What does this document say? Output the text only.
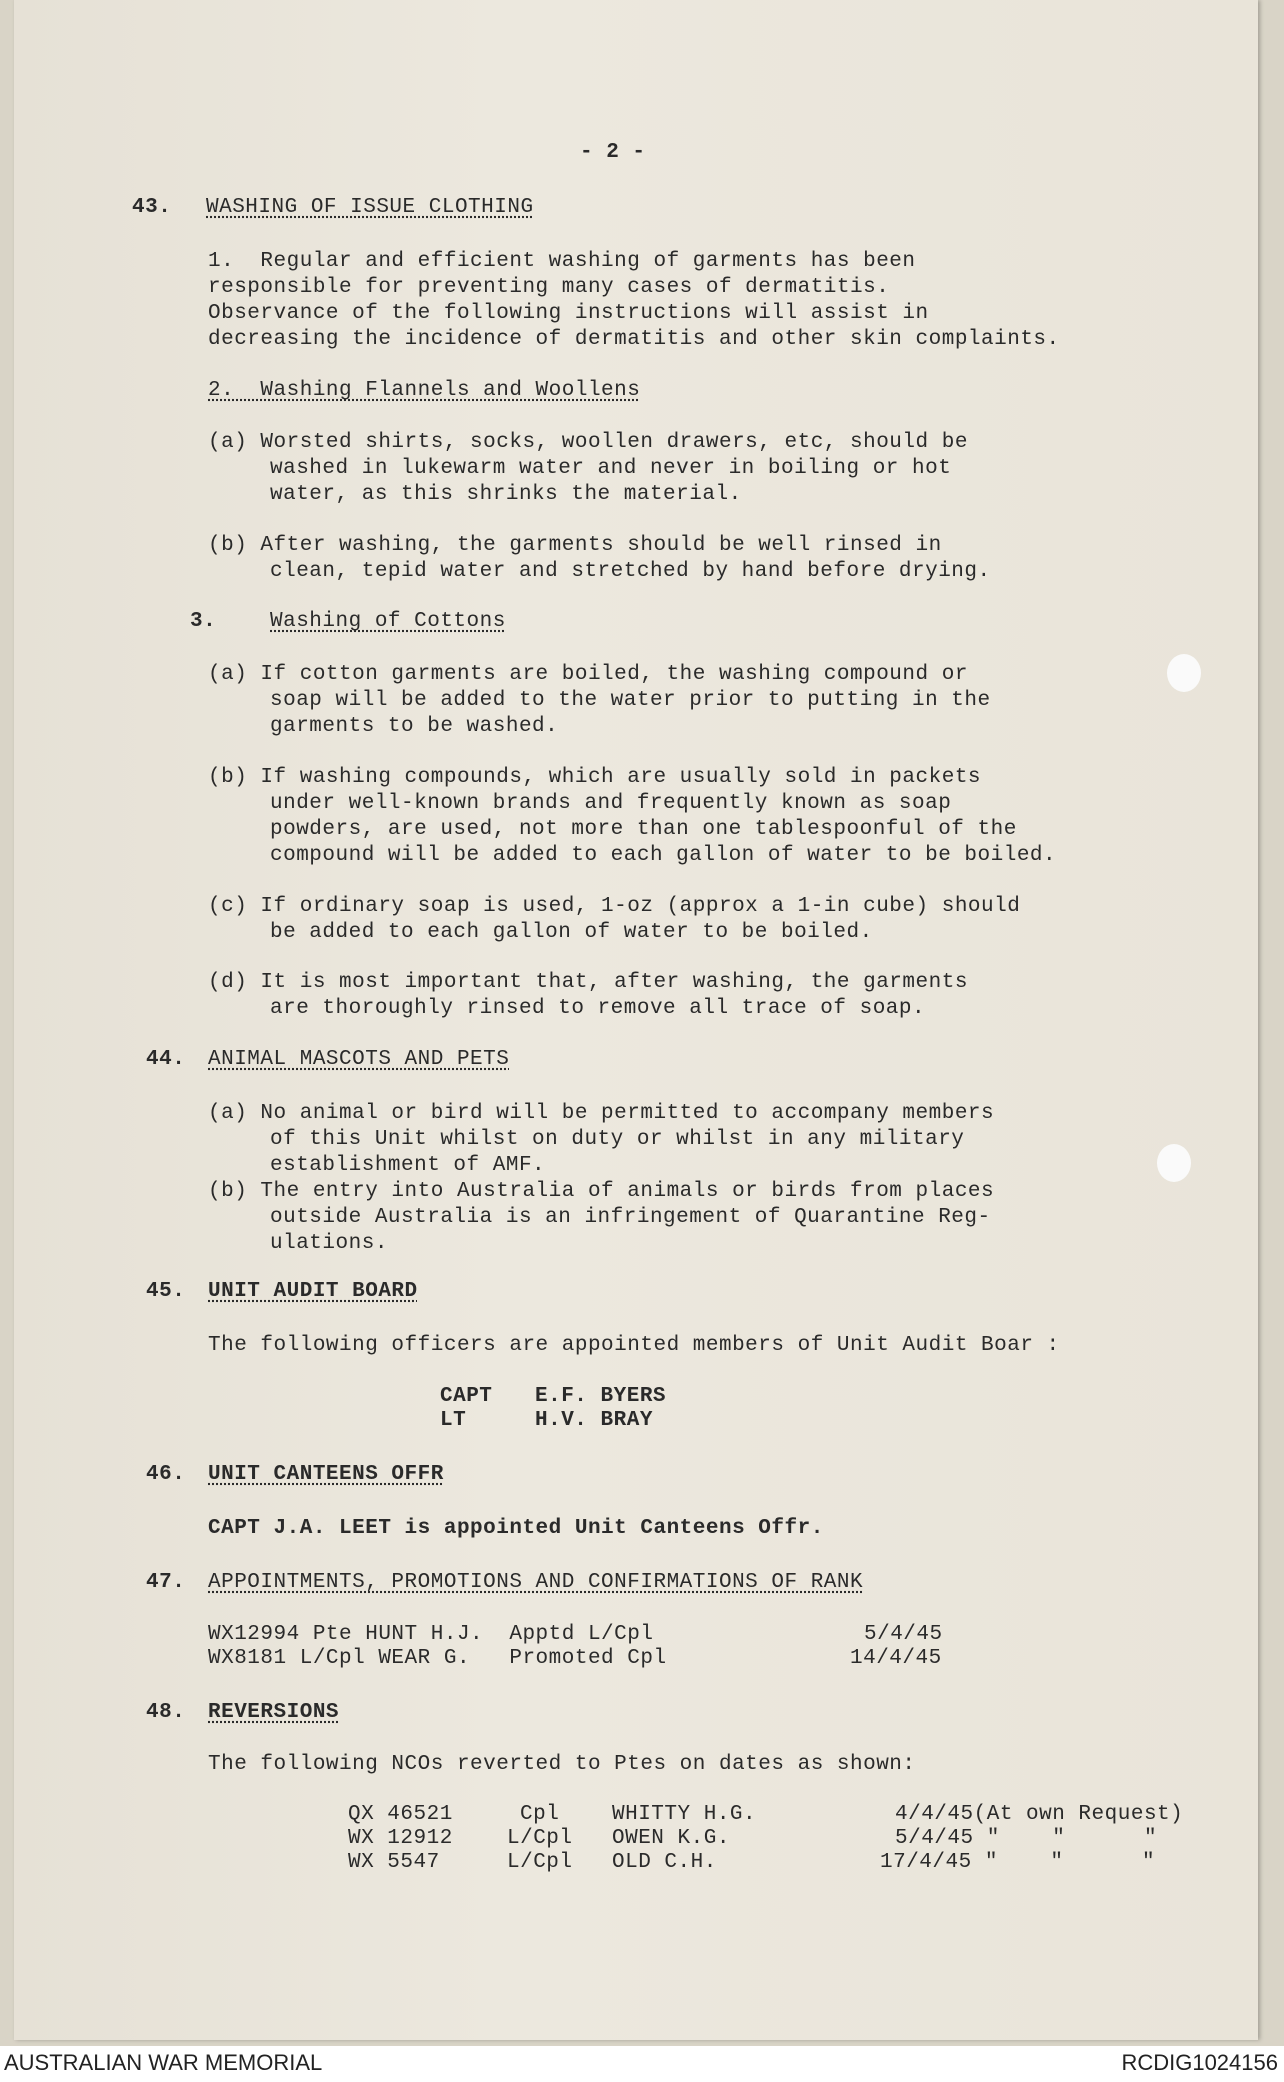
- 2 -
43. WASHING OF ISSUE CLOTHING
1.  Regular and efficient washing of garments has been
responsible for preventing many cases of dermatitis.
Observance of the following instructions will assist in
decreasing the incidence of dermatitis and other skin complaints.
2.  Washing Flannels and Woollens
(a) Worsted shirts, socks, woollen drawers, etc, should be
washed in lukewarm water and never in boiling or hot
water, as this shrinks the material.
(b) After washing, the garments should be well rinsed in
clean, tepid water and stretched by hand before drying.
3.	Washing of Cottons
(a) If cotton garments are boiled, the washing compound or
soap will be added to the water prior to putting in the
garments to be washed.
(b) If washing compounds, which are usually sold in packets
under well-known brands and frequently known as soap
powders, are used, not more than one tablespoonful of the
compound will be added to each gallon of water to be boiled.
(c) If ordinary soap is used, 1-oz (approx a 1-in cube) should
be added to each gallon of water to be boiled.
(d) It is most important that, after washing, the garments
are thoroughly rinsed to remove all trace of soap.
44. ANIMAL MASCOTS AND PETS
(a) No animal or bird will be permitted to accompany members
of this Unit whilst on duty or whilst in any military
establishment of AMF.
(b) The entry into Australia of animals or birds from places
outside Australia is an infringement of Quarantine Reg-
ulations.
45. UNIT AUDIT BOARD
The following officers are appointed members of Unit Audit Boar :
CAPT E.F. BYERS
LT	H.V. BRAY
46. UNIT CANTEENS OFFR
CAPT J.A. LEET is appointed Unit Canteens Offr.
47. APPOINTMENTS, PROMOTIONS AND CONFIRMATIONS OF RANK
WX12994 Pte HUNT H.J.  Apptd L/Cpl	5/4/45
WX8181 L/Cpl WEAR G.   Promoted Cpl	14/4/45
48. REVERSIONS
The following NCOs reverted to Ptes on dates as shown:
QX 46521	Cpl	WHITTY H.G.	4/4/45(At own Request)
WX 12912	L/Cpl OWEN K.G.	5/4/45 "    "      "
WX 5547	L/Cpl OLD C.H.	17/4/45 "    "      "
AUSTRALIAN WAR MEMORIAL	RCDIG1024156
